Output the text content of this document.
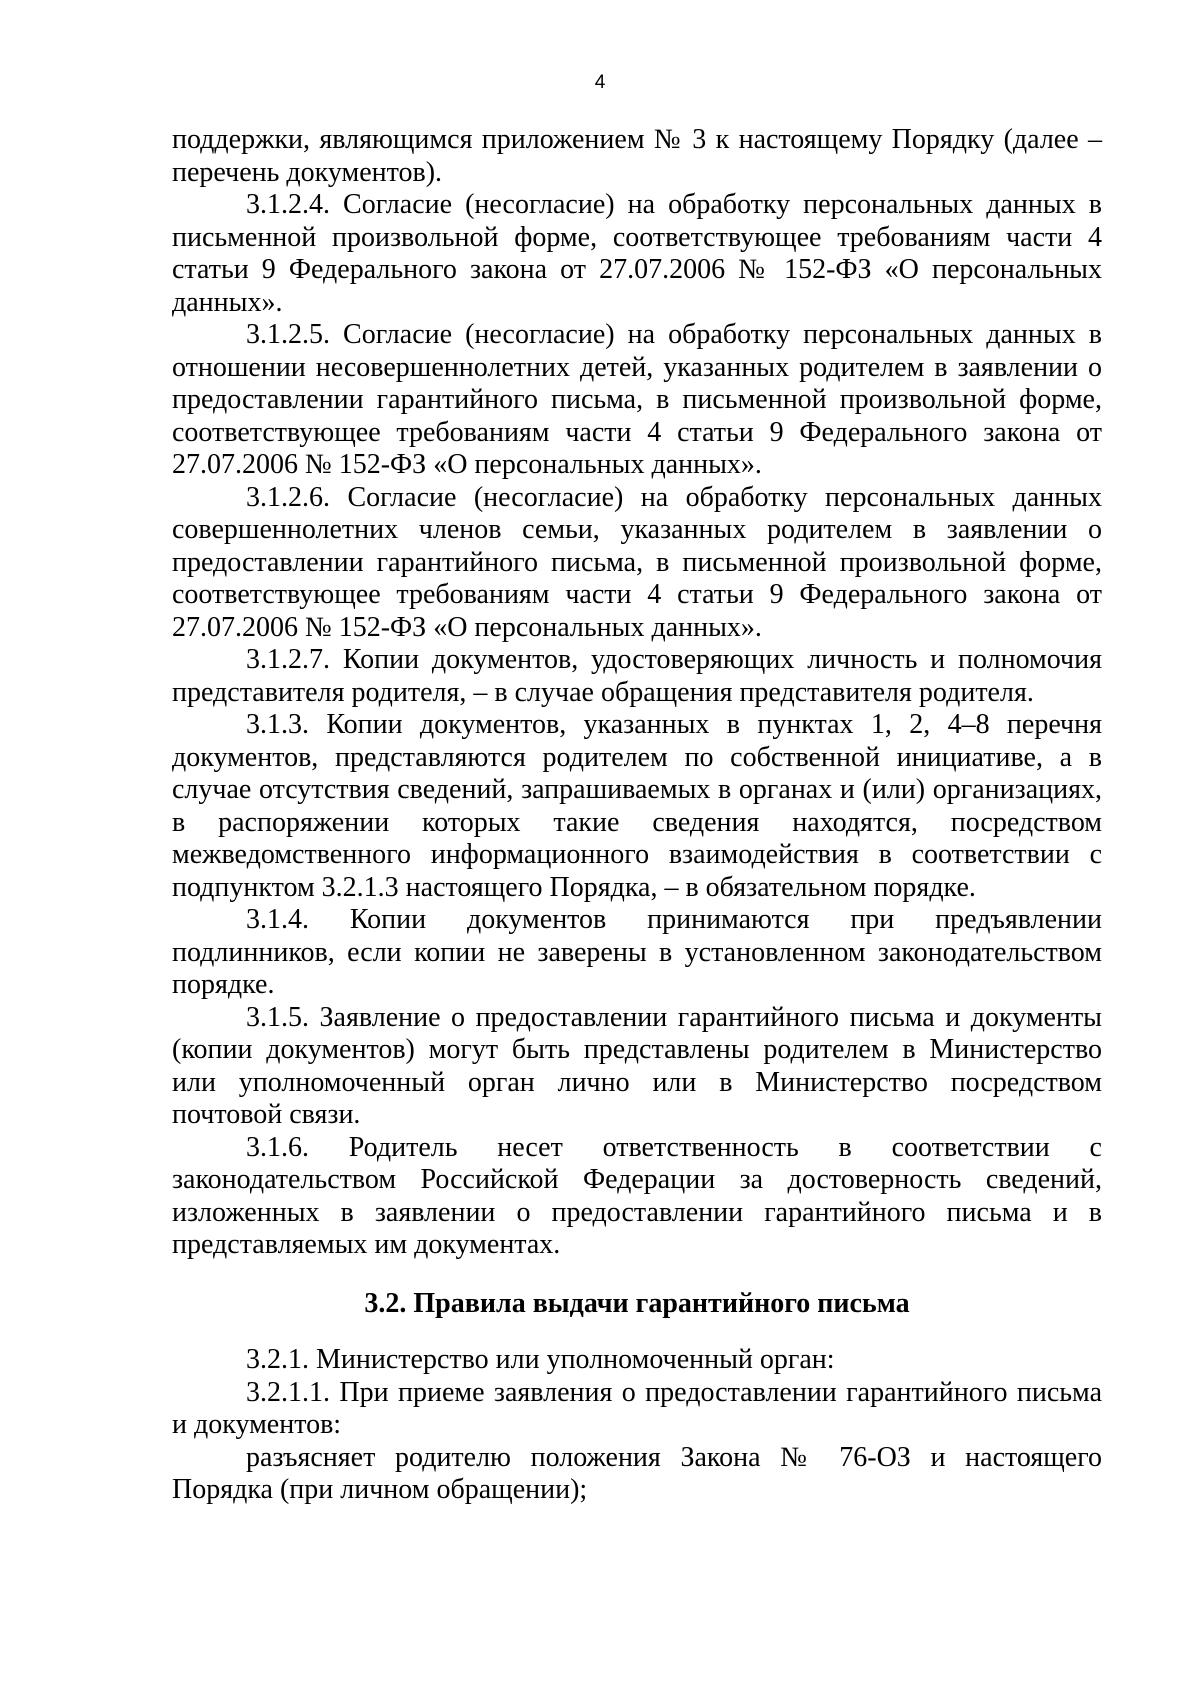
4

поддержки, являющимся приложением № 3 к настоящему Порядку (далее – перечень документов).

3.1.2.4. Согласие (несогласие) на обработку персональных данных в письменной произвольной форме, соответствующее требованиям части 4 статьи 9 Федерального закона от 27.07.2006 № 152-ФЗ «О персональных данных».

3.1.2.5. Согласие (несогласие) на обработку персональных данных в отношении несовершеннолетних детей, указанных родителем в заявлении о предоставлении гарантийного письма, в письменной произвольной форме, соответствующее требованиям части 4 статьи 9 Федерального закона от 27.07.2006 № 152-ФЗ «О персональных данных».

3.1.2.6. Согласие (несогласие) на обработку персональных данных совершеннолетних членов семьи, указанных родителем в заявлении о предоставлении гарантийного письма, в письменной произвольной форме, соответствующее требованиям части 4 статьи 9 Федерального закона от 27.07.2006 № 152-ФЗ «О персональных данных».

3.1.2.7. Копии документов, удостоверяющих личность и полномочия представителя родителя, – в случае обращения представителя родителя.

3.1.3. Копии документов, указанных в пунктах 1, 2, 4–8 перечня документов, представляются родителем по собственной инициативе, а в случае отсутствия сведений, запрашиваемых в органах и (или) организациях, в распоряжении которых такие сведения находятся, посредством межведомственного информационного взаимодействия в соответствии с подпунктом 3.2.1.3 настоящего Порядка, – в обязательном порядке.

3.1.4. Копии документов принимаются при предъявлении подлинников, если копии не заверены в установленном законодательством порядке.

3.1.5. Заявление о предоставлении гарантийного письма и документы (копии документов) могут быть представлены родителем в Министерство или уполномоченный орган лично или в Министерство посредством почтовой связи.

3.1.6. Родитель несет ответственность в соответствии с законодательством Российской Федерации за достоверность сведений, изложенных в заявлении о предоставлении гарантийного письма и в представляемых им документах.

3.2. Правила выдачи гарантийного письма

3.2.1. Министерство или уполномоченный орган:

3.2.1.1. При приеме заявления о предоставлении гарантийного письма и документов:

разъясняет родителю положения Закона № 76-ОЗ и настоящего Порядка (при личном обращении);
